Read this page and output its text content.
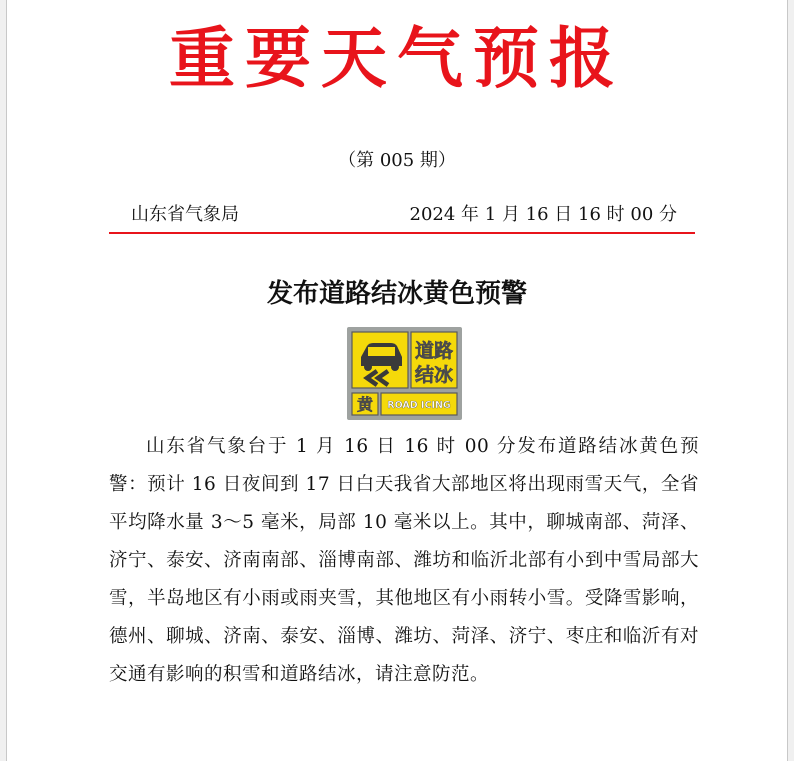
重要天气预报
（第 005 期）
山东省气象局	2024 年 1 月 16 日 16 时 00 分
发布道路结冰黄色预警
道路
结冰
黄 ROAD ICING
山东省气象台于 1 月 16 日 16 时 00 分发布道路结冰黄色预警：预计 16 日夜间到 17 日白天我省大部地区将出现雨雪天气，全省平均降水量 3～5 毫米，局部 10 毫米以上。其中，聊城南部、菏泽、济宁、泰安、济南南部、淄博南部、潍坊和临沂北部有小到中雪局部大雪，半岛地区有小雨或雨夹雪，其他地区有小雨转小雪。受降雪影响，德州、聊城、济南、泰安、淄博、潍坊、菏泽、济宁、枣庄和临沂有对交通有影响的积雪和道路结冰，请注意防范。
